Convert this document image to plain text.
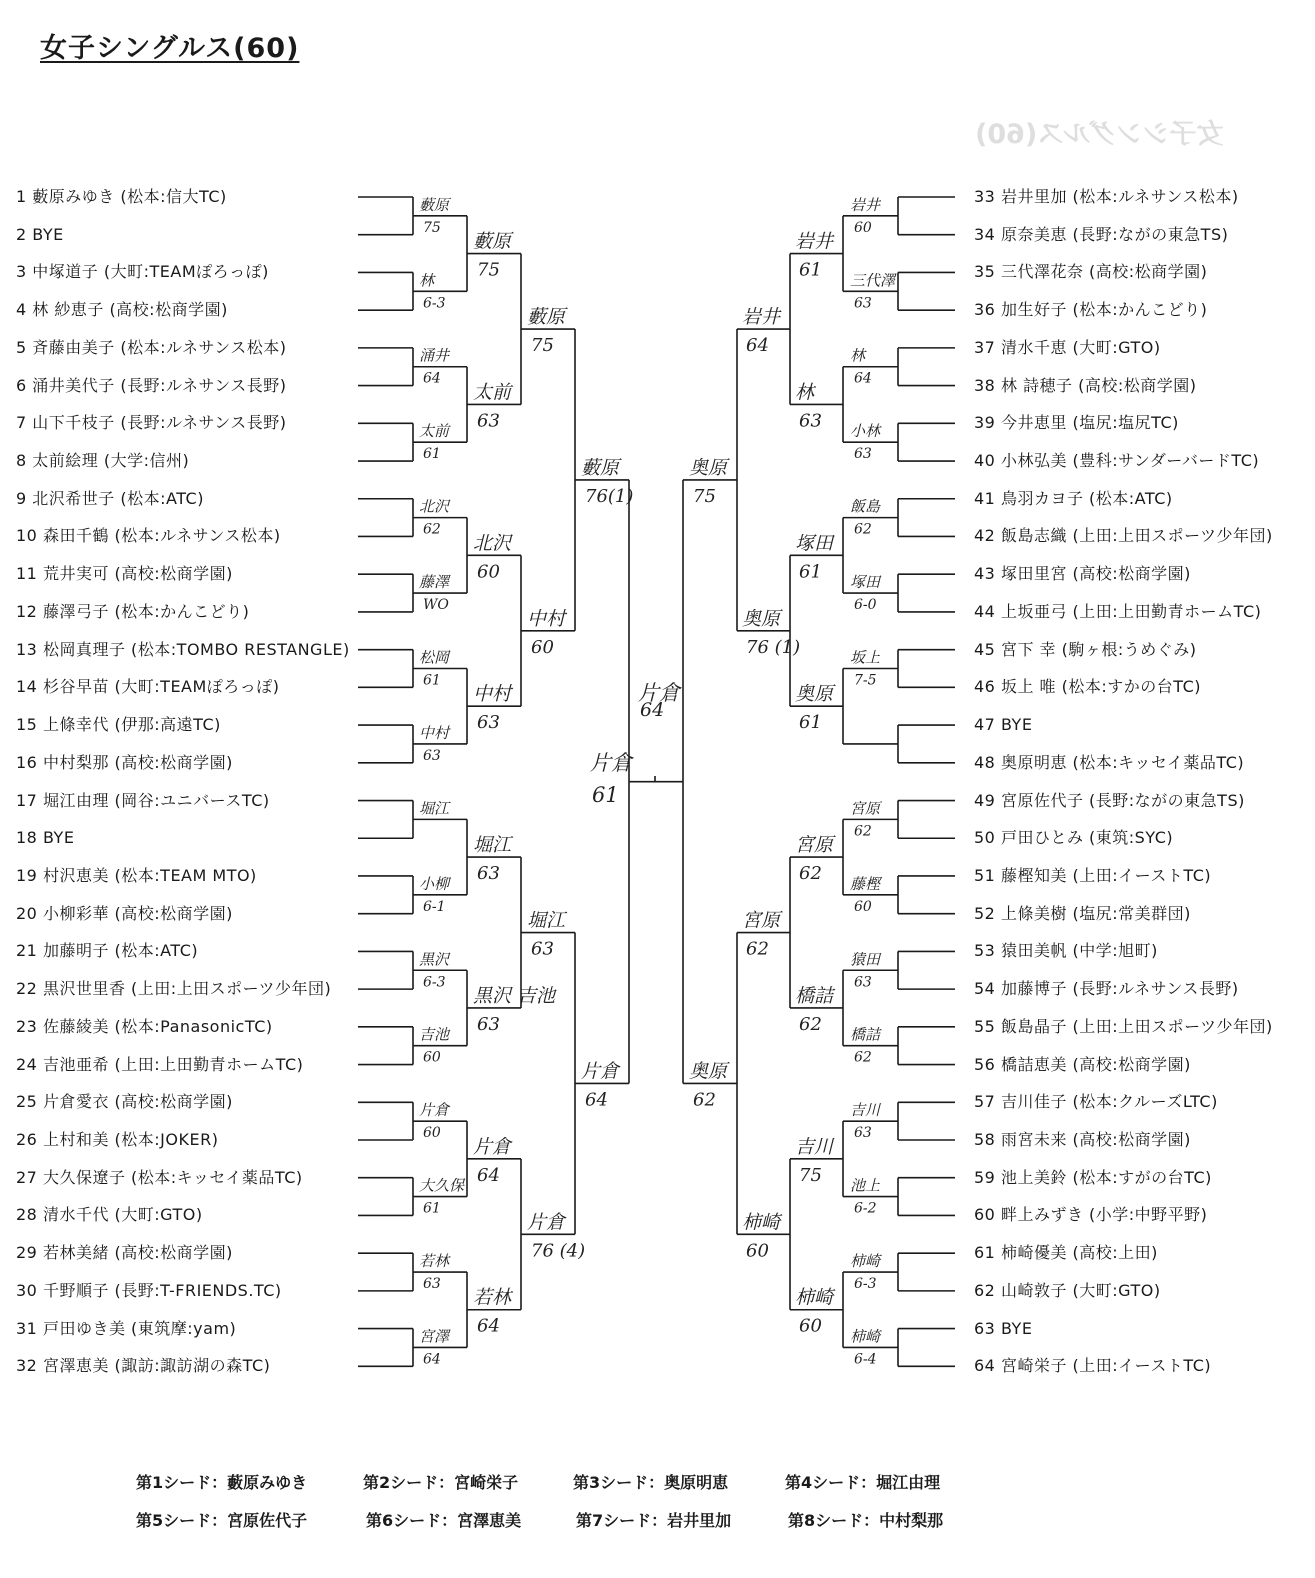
女子シングルス(60)
女子シングルス(60)
1 藪原みゆき (松本:信大TC)
2 BYE
3 中塚道子 (大町:TEAMぽろっぽ)
4 林 紗恵子 (高校:松商学園)
5 斉藤由美子 (松本:ルネサンス松本)
6 涌井美代子 (長野:ルネサンス長野)
7 山下千枝子 (長野:ルネサンス長野)
8 太前絵理 (大学:信州)
9 北沢希世子 (松本:ATC)
10 森田千鶴 (松本:ルネサンス松本)
11 荒井実可 (高校:松商学園)
12 藤澤弓子 (松本:かんこどり)
13 松岡真理子 (松本:TOMBO RESTANGLE)
14 杉谷早苗 (大町:TEAMぽろっぽ)
15 上條幸代 (伊那:高遠TC)
16 中村梨那 (高校:松商学園)
17 堀江由理 (岡谷:ユニバースTC)
18 BYE
19 村沢恵美 (松本:TEAM MTO)
20 小柳彩華 (高校:松商学園)
21 加藤明子 (松本:ATC)
22 黒沢世里香 (上田:上田スポーツ少年団)
23 佐藤綾美 (松本:PanasonicTC)
24 吉池亜希 (上田:上田勤青ホームTC)
25 片倉愛衣 (高校:松商学園)
26 上村和美 (松本:JOKER)
27 大久保遼子 (松本:キッセイ薬品TC)
28 清水千代 (大町:GTO)
29 若林美緒 (高校:松商学園)
30 千野順子 (長野:T-FRIENDS.TC)
31 戸田ゆき美 (東筑摩:yam)
32 宮澤恵美 (諏訪:諏訪湖の森TC)
33 岩井里加 (松本:ルネサンス松本)
34 原奈美恵 (長野:ながの東急TS)
35 三代澤花奈 (高校:松商学園)
36 加生好子 (松本:かんこどり)
37 清水千恵 (大町:GTO)
38 林 詩穂子 (高校:松商学園)
39 今井恵里 (塩尻:塩尻TC)
40 小林弘美 (豊科:サンダーバードTC)
41 鳥羽カヨ子 (松本:ATC)
42 飯島志織 (上田:上田スポーツ少年団)
43 塚田里宮 (高校:松商学園)
44 上坂亜弓 (上田:上田勤青ホームTC)
45 宮下 幸 (駒ヶ根:うめぐみ)
46 坂上 唯 (松本:すかの台TC)
47 BYE
48 奥原明恵 (松本:キッセイ薬品TC)
49 宮原佐代子 (長野:ながの東急TS)
50 戸田ひとみ (東筑:SYC)
51 藤樫知美 (上田:イーストTC)
52 上條美樹 (塩尻:常美群団)
53 猿田美帆 (中学:旭町)
54 加藤博子 (長野:ルネサンス長野)
55 飯島晶子 (上田:上田スポーツ少年団)
56 橋詰恵美 (高校:松商学園)
57 吉川佳子 (松本:クルーズLTC)
58 雨宮未来 (高校:松商学園)
59 池上美鈴 (松本:すがの台TC)
60 畔上みずき (小学:中野平野)
61 柿崎優美 (高校:上田)
62 山崎敦子 (大町:GTO)
63 BYE
64 宮崎栄子 (上田:イーストTC)
藪原
75
林
6-3
涌井
64
太前
61
北沢
62
藤澤
WO
松岡
61
中村
63
堀江
小柳
6-1
黒沢
6-3
吉池
60
片倉
60
大久保
61
若林
63
宮澤
64
藪原
75
太前
63
北沢
60
中村
63
堀江
63
黒沢 吉池
63
片倉
64
若林
64
藪原
75
中村
60
堀江
63
片倉
76 (4)
藪原
76(1)
片倉
64
岩井
60
三代澤
63
林
64
小林
63
飯島
62
塚田
6-0
坂上
7-5
宮原
62
藤樫
60
猿田
63
橋詰
62
吉川
63
池上
6-2
柿崎
6-3
柿崎
6-4
岩井
61
林
63
塚田
61
奥原
61
宮原
62
橋詰
62
吉川
75
柿崎
60
岩井
64
奥原
76 (1)
宮原
62
柿崎
60
奥原
75
奥原
62
片倉
64
片倉
61
第1シード：藪原みゆき	第2シード：宮崎栄子	第3シード：奥原明恵	第4シード：堀江由理
第5シード：宮原佐代子	第6シード：宮澤恵美	第7シード：岩井里加	第8シード：中村梨那
